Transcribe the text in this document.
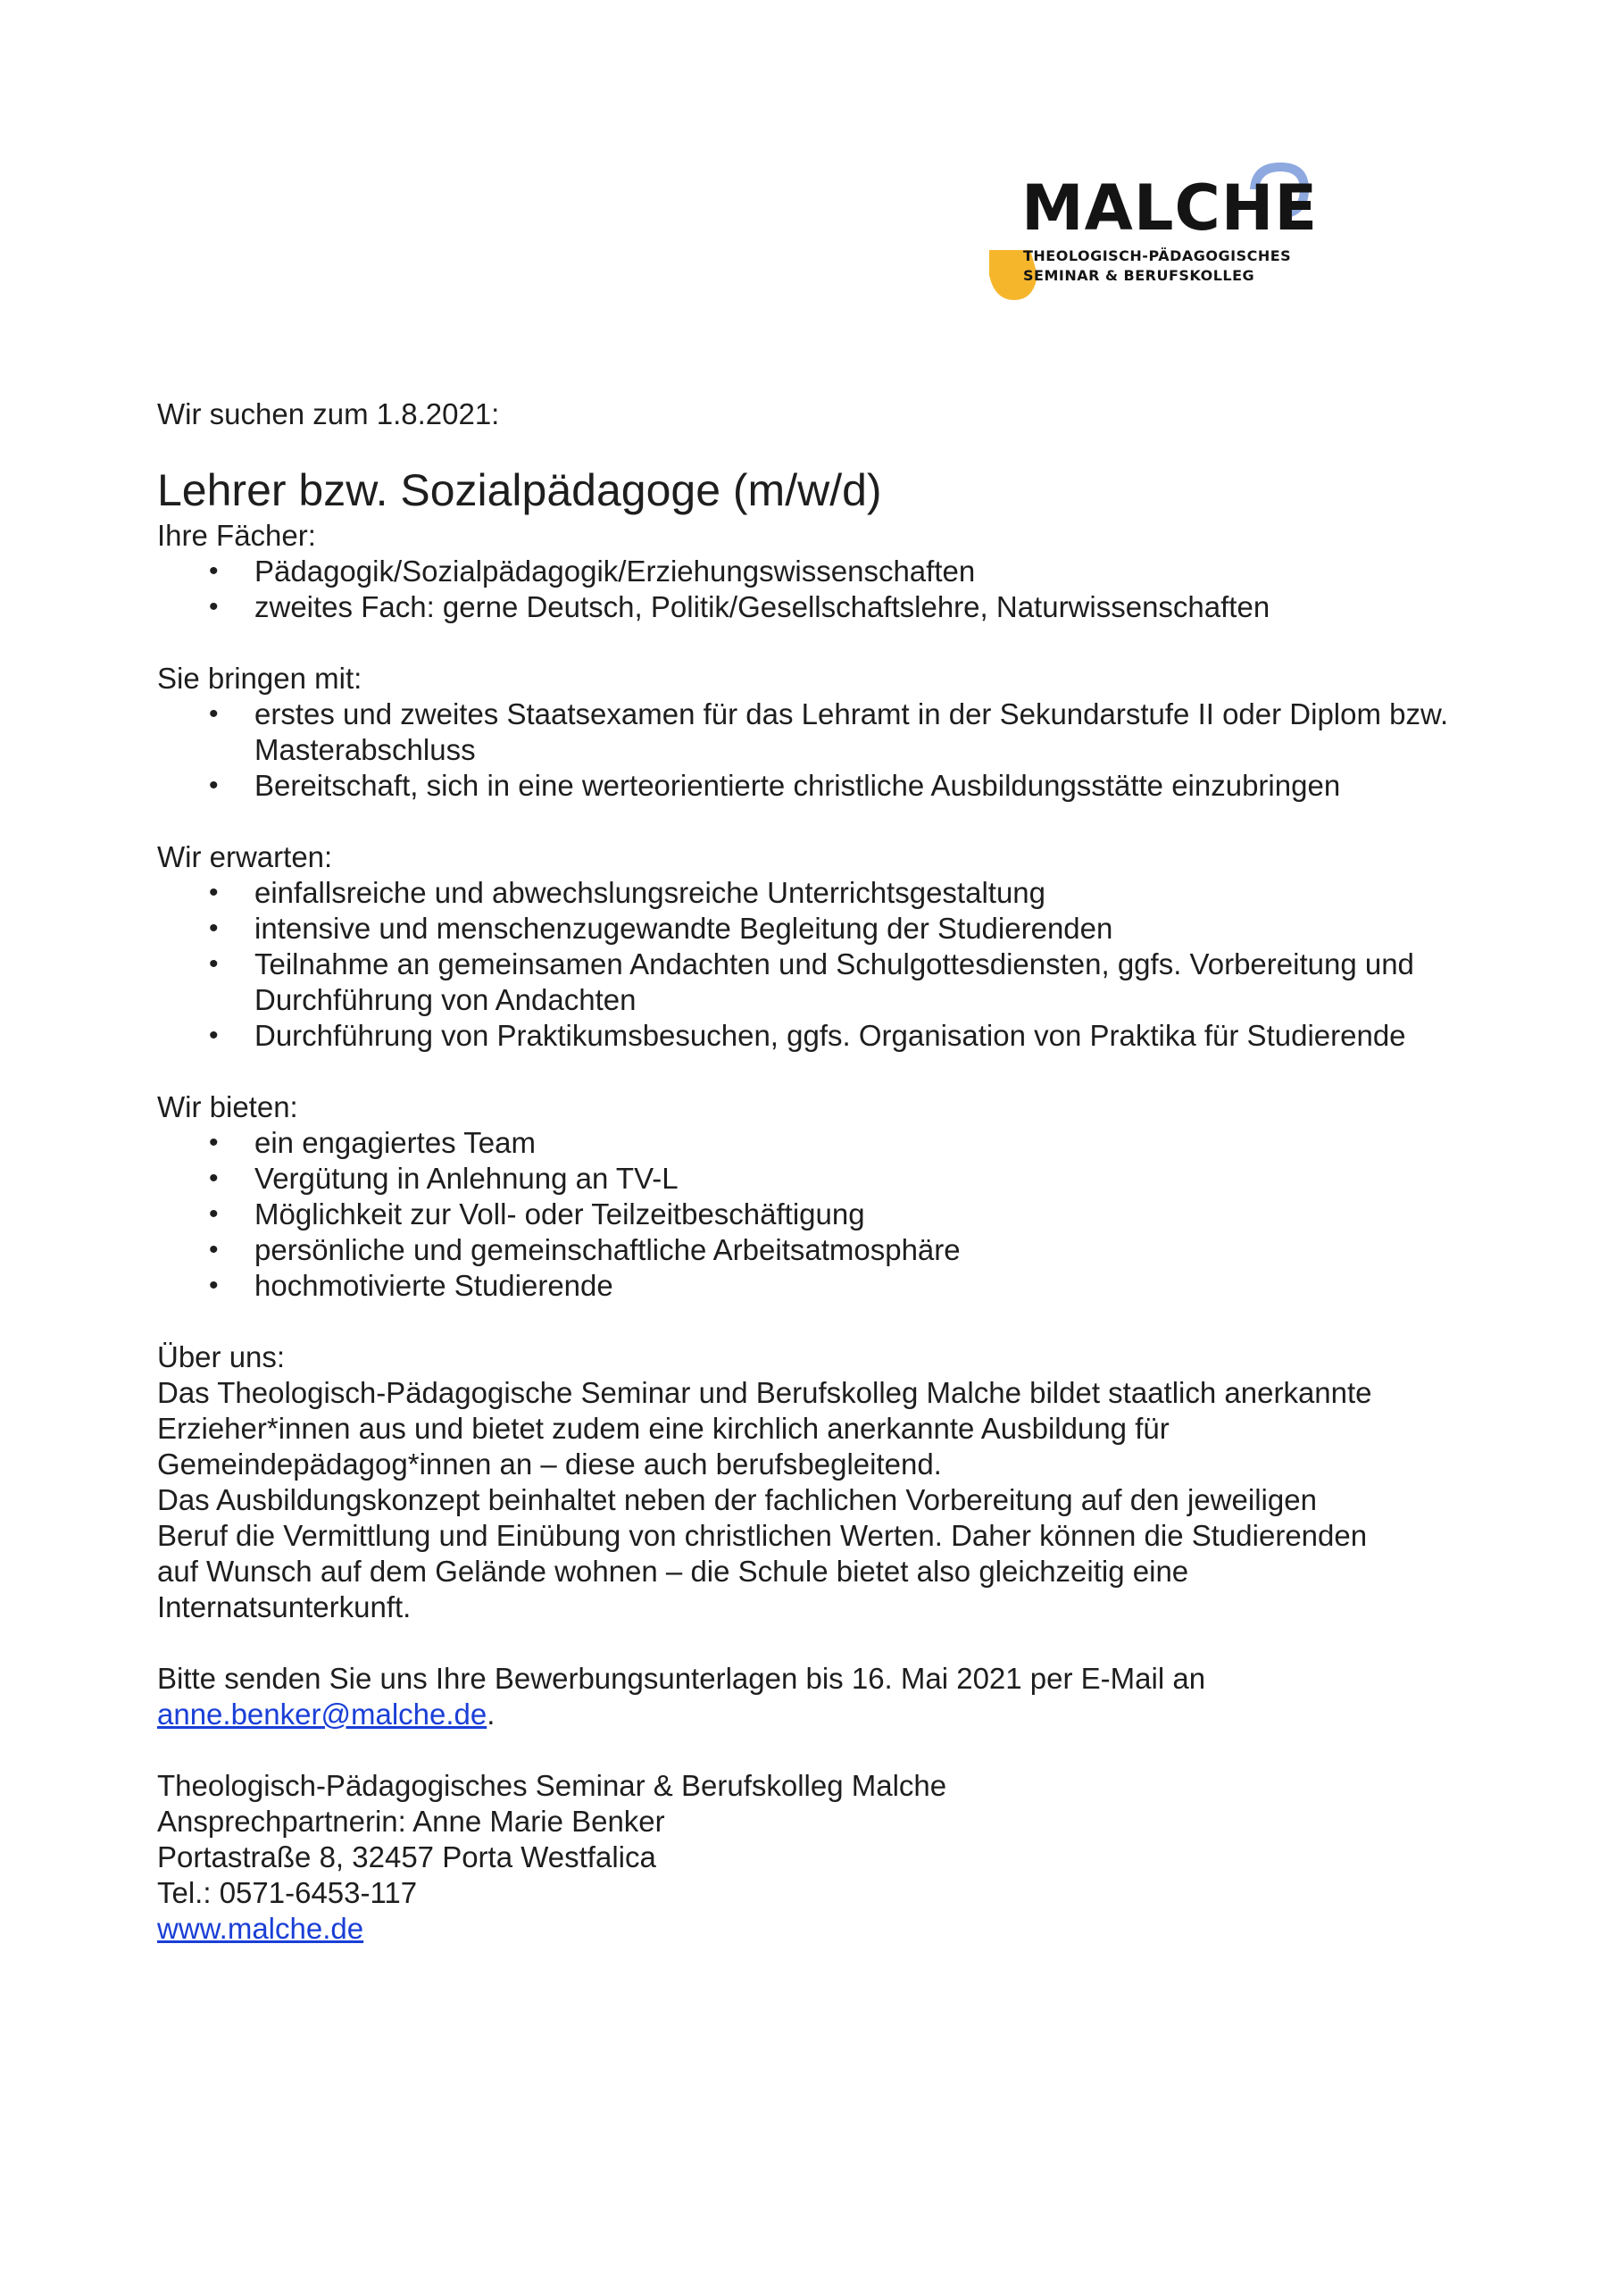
MALCHE
THEOLOGISCH-PÄDAGOGISCHES
SEMINAR & BERUFSKOLLEG

Wir suchen zum 1.8.2021:

Lehrer bzw. Sozialpädagoge (m/w/d)

Ihre Fächer:

• Pädagogik/Sozialpädagogik/Erziehungswissenschaften
• zweites Fach: gerne Deutsch, Politik/Gesellschaftslehre, Naturwissenschaften

Sie bringen mit:

• erstes und zweites Staatsexamen für das Lehramt in der Sekundarstufe II oder Diplom bzw. Masterabschluss
• Bereitschaft, sich in eine werteorientierte christliche Ausbildungsstätte einzubringen

Wir erwarten:

• einfallsreiche und abwechslungsreiche Unterrichtsgestaltung
• intensive und menschenzugewandte Begleitung der Studierenden
• Teilnahme an gemeinsamen Andachten und Schulgottesdiensten, ggfs. Vorbereitung und Durchführung von Andachten
• Durchführung von Praktikumsbesuchen, ggfs. Organisation von Praktika für Studierende

Wir bieten:

• ein engagiertes Team
• Vergütung in Anlehnung an TV-L
• Möglichkeit zur Voll- oder Teilzeitbeschäftigung
• persönliche und gemeinschaftliche Arbeitsatmosphäre
• hochmotivierte Studierende

Über uns:

Das Theologisch-Pädagogische Seminar und Berufskolleg Malche bildet staatlich anerkannte
Erzieher*innen aus und bietet zudem eine kirchlich anerkannte Ausbildung für
Gemeindepädagog*innen an – diese auch berufsbegleitend.
Das Ausbildungskonzept beinhaltet neben der fachlichen Vorbereitung auf den jeweiligen
Beruf die Vermittlung und Einübung von christlichen Werten. Daher können die Studierenden
auf Wunsch auf dem Gelände wohnen – die Schule bietet also gleichzeitig eine
Internatsunterkunft.
Bitte senden Sie uns Ihre Bewerbungsunterlagen bis 16. Mai 2021 per E-Mail an
anne.benker@malche.de.
Theologisch-Pädagogisches Seminar & Berufskolleg Malche
Ansprechpartnerin: Anne Marie Benker
Portastraße 8, 32457 Porta Westfalica
Tel.: 0571-6453-117
www.malche.de
